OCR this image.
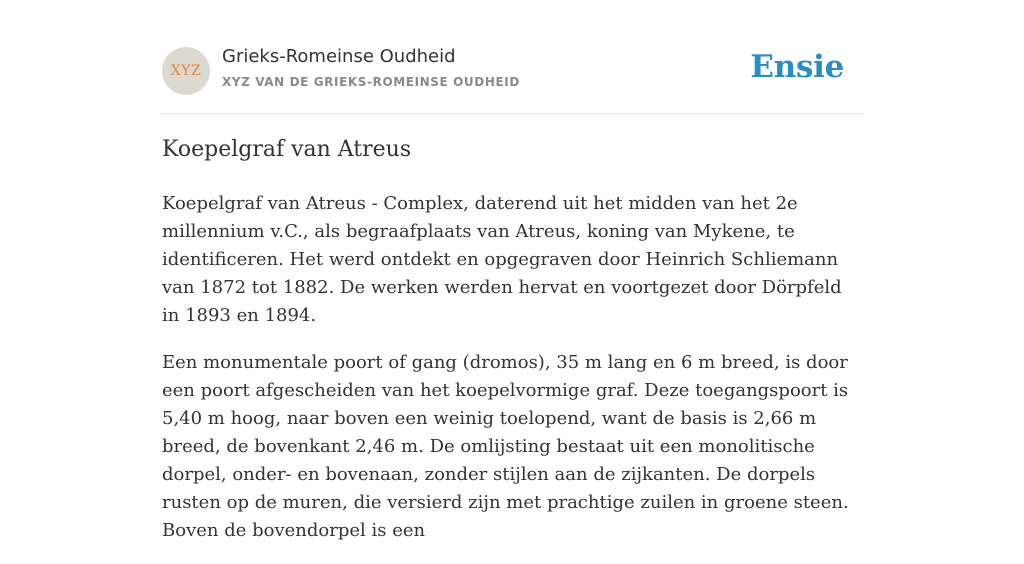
XYZ
Grieks-Romeinse Oudheid
XYZ VAN DE GRIEKS-ROMEINSE OUDHEID	Ensie
Koepelgraf van Atreus

Koepelgraf van Atreus - Complex, daterend uit het midden van het 2e millennium v.C., als begraafplaats van Atreus, koning van Mykene, te identificeren. Het werd ontdekt en opgegraven door Heinrich Schliemann van 1872 tot 1882. De werken werden hervat en voortgezet door Dörpfeld in 1893 en 1894.

Een monumentale poort of gang (dromos), 35 m lang en 6 m breed, is door een poort afgescheiden van het koepelvormige graf. Deze toegangspoort is 5,40 m hoog, naar boven een weinig toelopend, want de basis is 2,66 m breed, de bovenkant 2,46 m. De omlijsting bestaat uit een monolitische dorpel, onder- en bovenaan, zonder stijlen aan de zijkanten. De dorpels rusten op de muren, die versierd zijn met prachtige zuilen in groene steen. Boven de bovendorpel is een
